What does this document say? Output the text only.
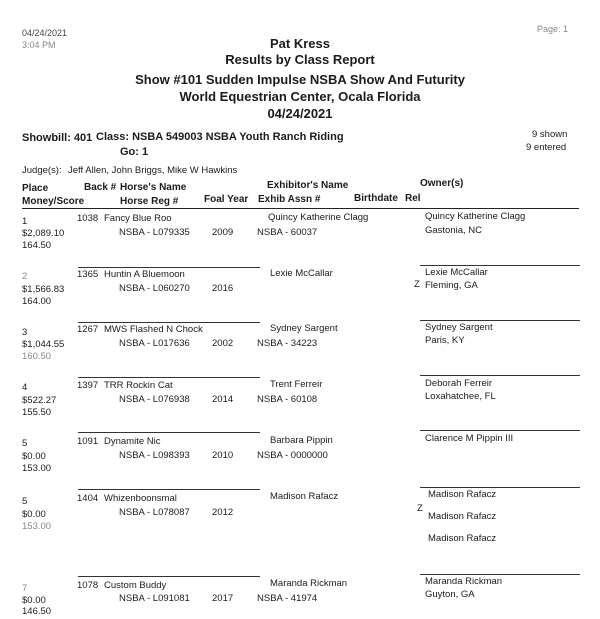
04/24/2021
3:04 PM
Page: 1
Pat Kress
Results by Class Report
Show #101 Sudden Impulse NSBA Show And Futurity
World Equestrian Center, Ocala Florida
04/24/2021
Showbill: 401 Class: NSBA 549003 NSBA Youth Ranch Riding
Go: 1
9 shown
9 entered
Judge(s): Jeff Allen, John Briggs, Mike W Hawkins
Place
Money/Score
Back # Horse's Name
Horse Reg #	Foal Year
Exhibitor's Name
Exhib Assn #	Birthdate Rel
Owner(s)
1
$2,089.10
164.50
1038 Fancy Blue Roo
NSBA - L079335 2009
Quincy Katherine Clagg
NSBA - 60037
Quincy Katherine Clagg
Gastonia, NC
2
$1,566.83
164.00
1365 Huntin A Bluemoon
NSBA - L060270 2016
Lexie McCallar
Z
Lexie McCallar
Fleming, GA
3
$1,044.55
160.50
1267 MWS Flashed N Chock
NSBA - L017636 2002
Sydney Sargent
NSBA - 34223
Sydney Sargent
Paris, KY
4
$522.27
155.50
1397 TRR Rockin Cat
NSBA - L076938 2014
Trent Ferreir
NSBA - 60108
Deborah Ferreir
Loxahatchee, FL
5
$0.00
153.00
1091 Dynamite Nic
NSBA - L098393 2010
Barbara Pippin
NSBA - 0000000
Clarence M Pippin III
5
$0.00
153.00
1404 Whizenboonsmal
NSBA - L078087 2012
Madison Rafacz
Z
Madison Rafacz
Madison Rafacz
Madison Rafacz
7
$0.00
146.50
1078 Custom Buddy
NSBA - L091081 2017
Maranda Rickman
NSBA - 41974
Maranda Rickman
Guyton, GA
